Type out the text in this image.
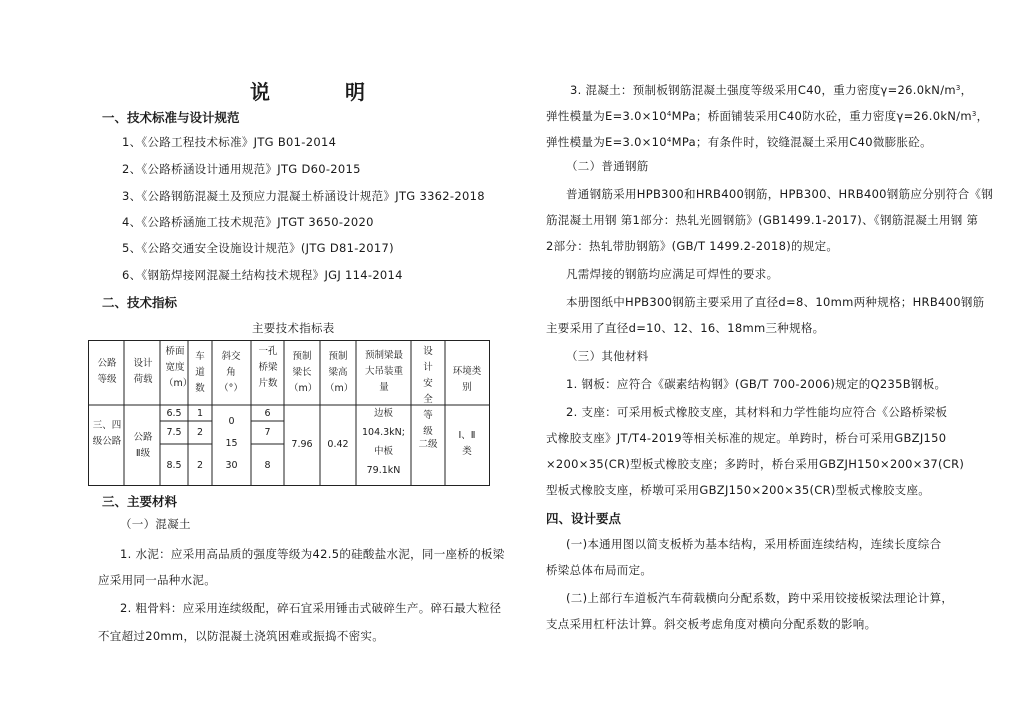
说	明
一、技术标准与设计规范
1、《公路工程技术标准》JTG B01-2014
2、《公路桥涵设计通用规范》JTG D60-2015
3、《公路钢筋混凝土及预应力混凝土桥涵设计规范》JTG 3362-2018
4、《公路桥涵施工技术规范》JTGT 3650-2020
5、《公路交通安全设施设计规范》(JTG D81-2017)
6、《钢筋焊接网混凝土结构技术规程》JGJ 114-2014
二、技术指标
主要技术指标表
公路等级
设计荷载
桥面宽度（m）
车道数
斜交角（°）
一孔桥梁片数
预制梁长（m）
预制梁高（m）
预制梁最大吊装重量
设计安全等级
环境类别
三、四级公路 公路Ⅱ级
6.5
7.5
8.5
1
2
2
0
15
30
6
7
8
7.96	0.42
边板
104.3kN;
中板
79.1kN
二级
Ⅰ、Ⅱ类
三、主要材料
（一）混凝土
1. 水泥：应采用高品质的强度等级为42.5的硅酸盐水泥，同一座桥的板梁
应采用同一品种水泥。
2. 粗骨料：应采用连续级配，碎石宜采用锤击式破碎生产。碎石最大粒径
不宜超过20mm，以防混凝土浇筑困难或振捣不密实。
3. 混凝土：预制板钢筋混凝土强度等级采用C40，重力密度$\gamma=26.0kN/m^3$，
弹性模量为$E=3.0\times 10^4MPa$；桥面铺装采用C40防水砼，重力密度$\gamma=26.0kN/m^3$，
弹性模量为$E=3.0\times 10^4MPa$；有条件时，铰缝混凝土采用C40微膨胀砼。
（二）普通钢筋
普通钢筋采用HPB300和HRB400钢筋，HPB300、HRB400钢筋应分别符合《钢
筋混凝土用钢 第1部分：热轧光圆钢筋》(GB1499.1-2017)、《钢筋混凝土用钢 第
2部分：热轧带肋钢筋》(GB/T 1499.2-2018)的规定。
凡需焊接的钢筋均应满足可焊性的要求。
本册图纸中HPB300钢筋主要采用了直径d=8、10mm两种规格；HRB400钢筋
主要采用了直径d=10、12、16、18mm三种规格。
（三）其他材料
1. 钢板：应符合《碳素结构钢》(GB/T 700-2006)规定的Q235B钢板。
2. 支座：可采用板式橡胶支座，其材料和力学性能均应符合《公路桥梁板
式橡胶支座》JT/T4-2019等相关标准的规定。单跨时，桥台可采用GBZJ150
×200×35(CR)型板式橡胶支座；多跨时，桥台采用GBZJH150×200×37(CR)
型板式橡胶支座，桥墩可采用GBZJ150×200×35(CR)型板式橡胶支座。
四、设计要点
(一)本通用图以简支板桥为基本结构，采用桥面连续结构，连续长度综合
桥梁总体布局而定。
(二)上部行车道板汽车荷载横向分配系数，跨中采用铰接板梁法理论计算，
支点采用杠杆法计算。斜交板考虑角度对横向分配系数的影响。
